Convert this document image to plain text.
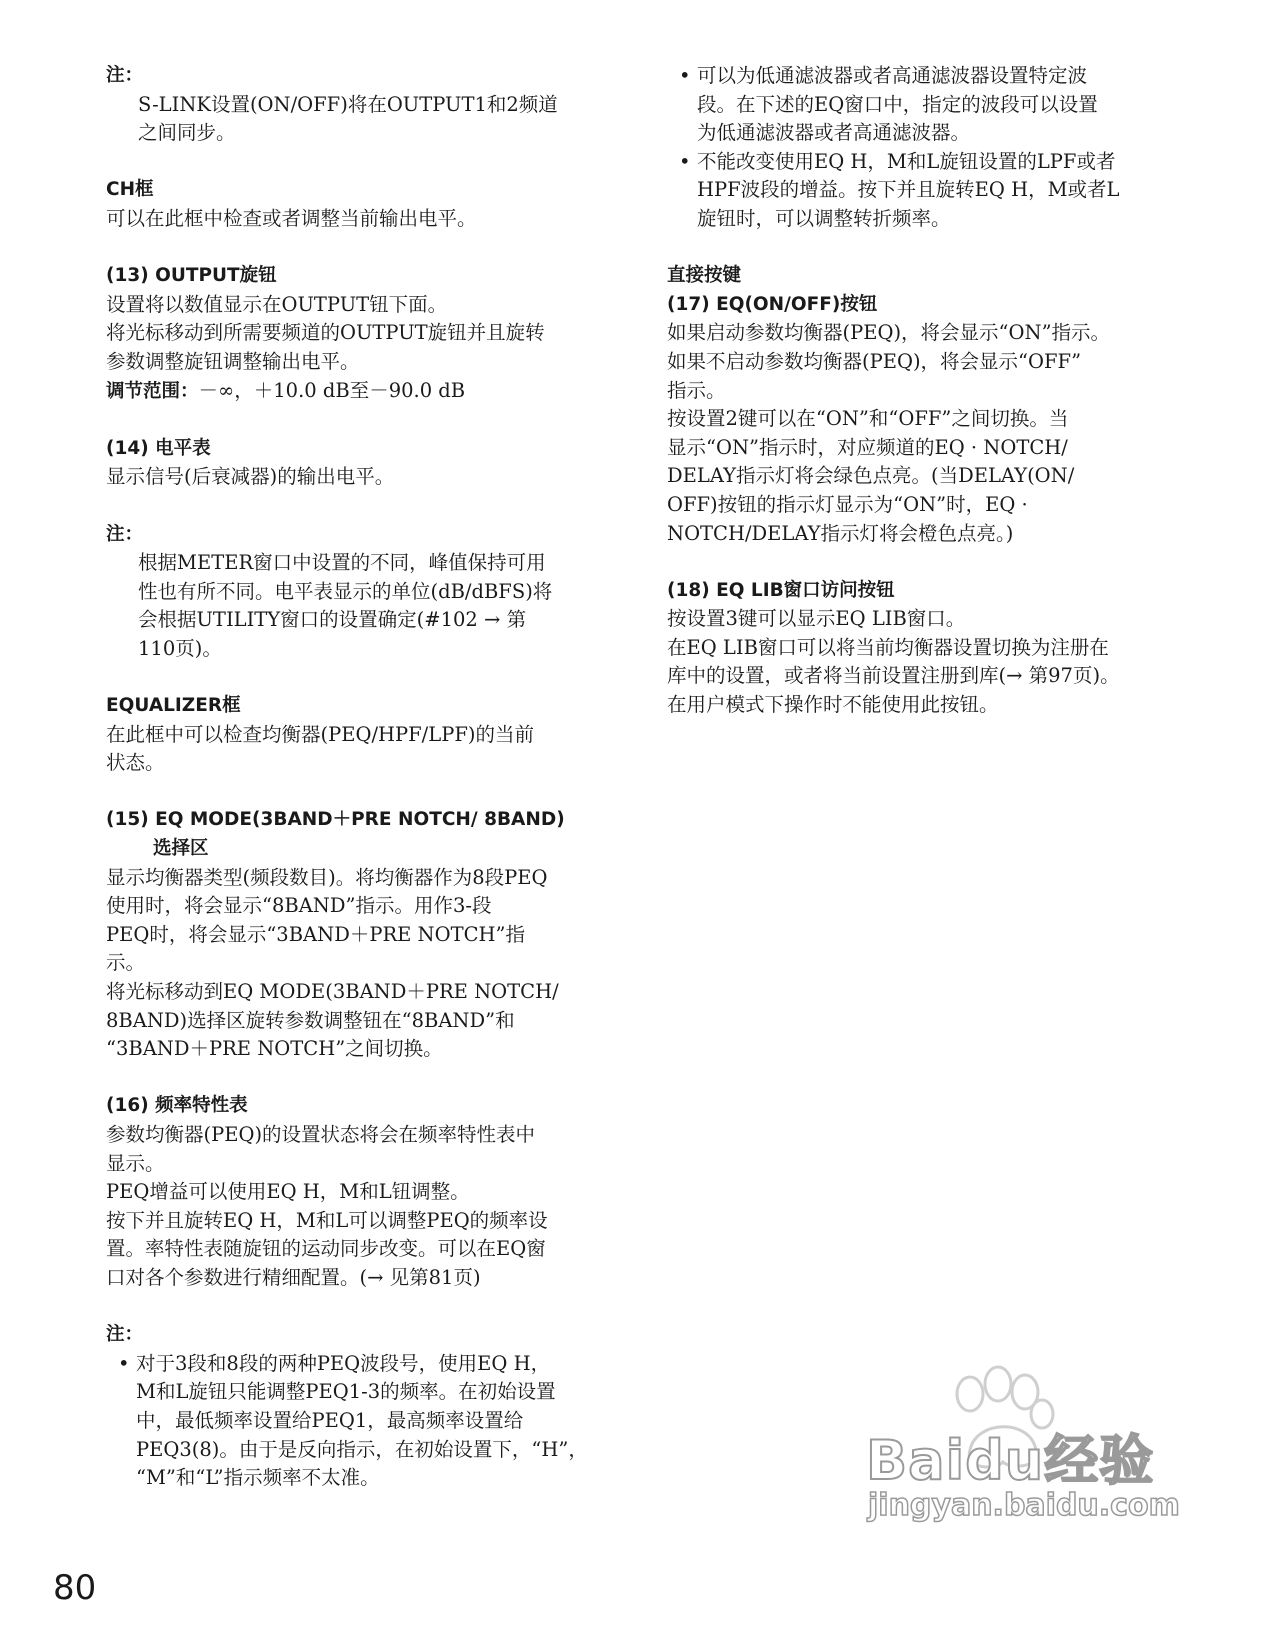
注：
S-LINK设置(ON/OFF)将在OUTPUT1和2频道
之间同步。
CH框
可以在此框中检查或者调整当前输出电平。
(13) OUTPUT旋钮
设置将以数值显示在OUTPUT钮下面。
将光标移动到所需要频道的OUTPUT旋钮并且旋转
参数调整旋钮调整输出电平。
调节范围：－∞，＋10.0 dB至－90.0 dB
(14) 电平表
显示信号(后衰减器)的输出电平。
注：
根据METER窗口中设置的不同，峰值保持可用
性也有所不同。电平表显示的单位(dB/dBFS)将
会根据UTILITY窗口的设置确定(#102 → 第
110页)。
EQUALIZER框
在此框中可以检查均衡器(PEQ/HPF/LPF)的当前
状态。
(15) EQ MODE(3BAND＋PRE NOTCH/ 8BAND)
选择区
显示均衡器类型(频段数目)。将均衡器作为8段PEQ
使用时，将会显示“8BAND”指示。用作3-段
PEQ时，将会显示“3BAND＋PRE NOTCH”指
示。
将光标移动到EQ MODE(3BAND＋PRE NOTCH/
8BAND)选择区旋转参数调整钮在“8BAND”和
“3BAND＋PRE NOTCH”之间切换。
(16) 频率特性表
参数均衡器(PEQ)的设置状态将会在频率特性表中
显示。
PEQ增益可以使用EQ H，M和L钮调整。
按下并且旋转EQ H，M和L可以调整PEQ的频率设
置。率特性表随旋钮的运动同步改变。可以在EQ窗
口对各个参数进行精细配置。(→ 见第81页)
注：
• 对于3段和8段的两种PEQ波段号，使用EQ H，
M和L旋钮只能调整PEQ1-3的频率。在初始设置
中，最低频率设置给PEQ1，最高频率设置给
PEQ3(8)。由于是反向指示，在初始设置下，“H”，
“M”和“L”指示频率不太准。
• 可以为低通滤波器或者高通滤波器设置特定波
段。在下述的EQ窗口中，指定的波段可以设置
为低通滤波器或者高通滤波器。
• 不能改变使用EQ H，M和L旋钮设置的LPF或者
HPF波段的增益。按下并且旋转EQ H，M或者L
旋钮时，可以调整转折频率。
直接按键
(17) EQ(ON/OFF)按钮
如果启动参数均衡器(PEQ)，将会显示“ON”指示。
如果不启动参数均衡器(PEQ)，将会显示“OFF”
指示。
按设置2键可以在“ON”和“OFF”之间切换。当
显示“ON”指示时，对应频道的EQ · NOTCH/
DELAY指示灯将会绿色点亮。(当DELAY(ON/
OFF)按钮的指示灯显示为“ON”时，EQ ·
NOTCH/DELAY指示灯将会橙色点亮。)
(18) EQ LIB窗口访问按钮
按设置3键可以显示EQ LIB窗口。
在EQ LIB窗口可以将当前均衡器设置切换为注册在
库中的设置，或者将当前设置注册到库(→ 第97页)。
在用户模式下操作时不能使用此按钮。
Baidu经验
jingyan.baidu.com
80
